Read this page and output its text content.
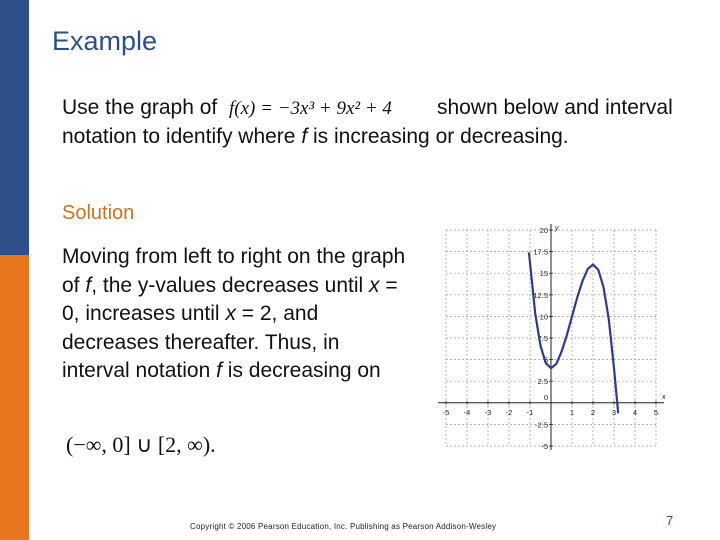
Example
Use the graph of f(x) = −3x³ + 9x² + 4 shown below and interval notation to identify where f is increasing or decreasing.
Solution
Moving from left to right on the graph of f, the y-values decreases until x = 0, increases until x = 2, and decreases thereafter. Thus, in interval notation f is decreasing on
(−∞, 0] ∪ [2, ∞).
x
y
-5 -4 -3 -2 -1	1 2 3 4 5
20
17.5
15
12.5
10
7.5
5
2.5
-2.5
-5
0
Copyright © 2006 Pearson Education, Inc. Publishing as Pearson Addison-Wesley	7
